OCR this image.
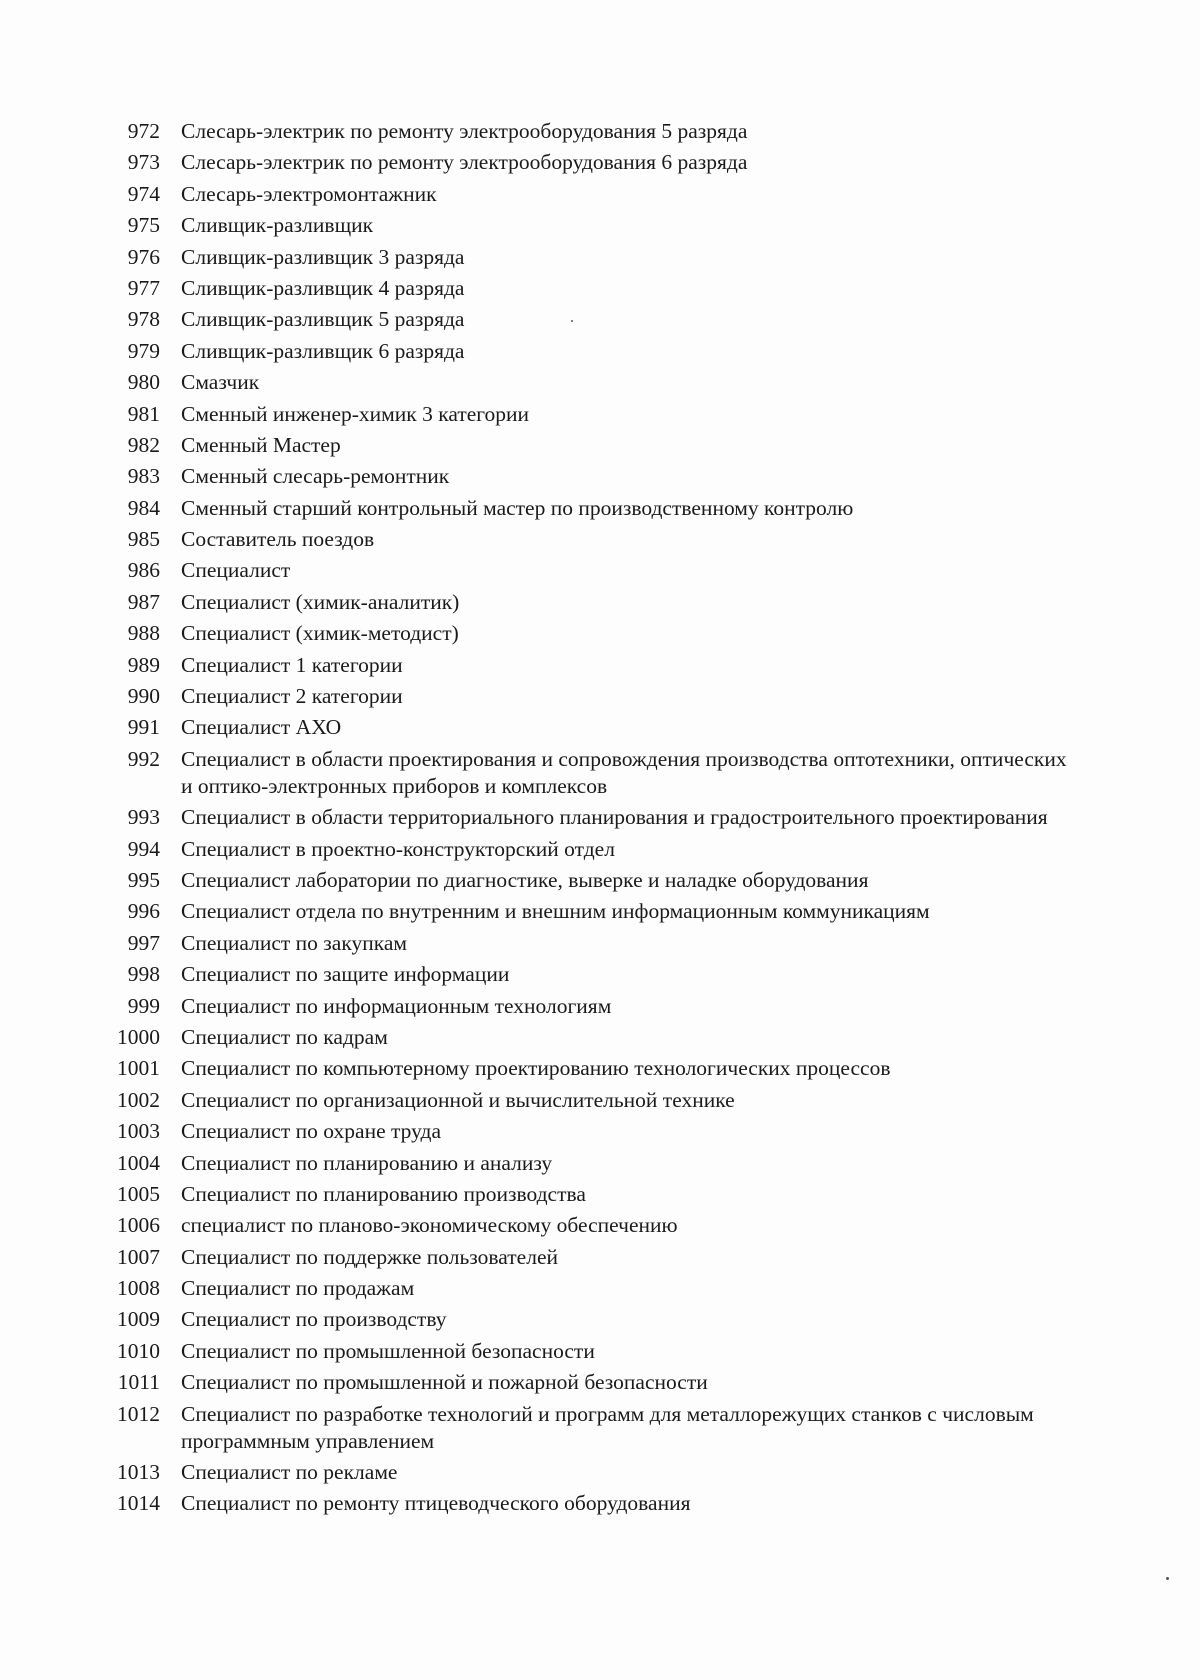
972 Слесарь-электрик по ремонту электрооборудования 5 разряда
973 Слесарь-электрик по ремонту электрооборудования 6 разряда
974 Слесарь-электромонтажник
975 Сливщик-разливщик
976 Сливщик-разливщик 3 разряда
977 Сливщик-разливщик 4 разряда
978 Сливщик-разливщик 5 разряда
979 Сливщик-разливщик 6 разряда
980 Смазчик
981 Сменный инженер-химик 3 категории
982 Сменный Мастер
983 Сменный слесарь-ремонтник
984 Сменный старший контрольный мастер по производственному контролю
985 Составитель поездов
986 Специалист
987 Специалист (химик-аналитик)
988 Специалист (химик-методист)
989 Специалист 1 категории
990 Специалист 2 категории
991 Специалист АХО
992 Специалист в области проектирования и сопровождения производства оптотехники, оптических и оптико-электронных приборов и комплексов
993 Специалист в области территориального планирования и градостроительного проектирования
994 Специалист в проектно-конструкторский отдел
995 Специалист лаборатории по диагностике, выверке и наладке оборудования
996 Специалист отдела по внутренним и внешним информационным коммуникациям
997 Специалист по закупкам
998 Специалист по защите информации
999 Специалист по информационным технологиям
1000 Специалист по кадрам
1001 Специалист по компьютерному проектированию технологических процессов
1002 Специалист по организационной и вычислительной технике
1003 Специалист по охране труда
1004 Специалист по планированию и анализу
1005 Специалист по планированию производства
1006 специалист по планово-экономическому обеспечению
1007 Специалист по поддержке пользователей
1008 Специалист по продажам
1009 Специалист по производству
1010 Специалист по промышленной безопасности
1011 Специалист по промышленной и пожарной безопасности
1012 Специалист по разработке технологий и программ для металлорежущих станков с числовым программным управлением
1013 Специалист по рекламе
1014 Специалист по ремонту птицеводческого оборудования
